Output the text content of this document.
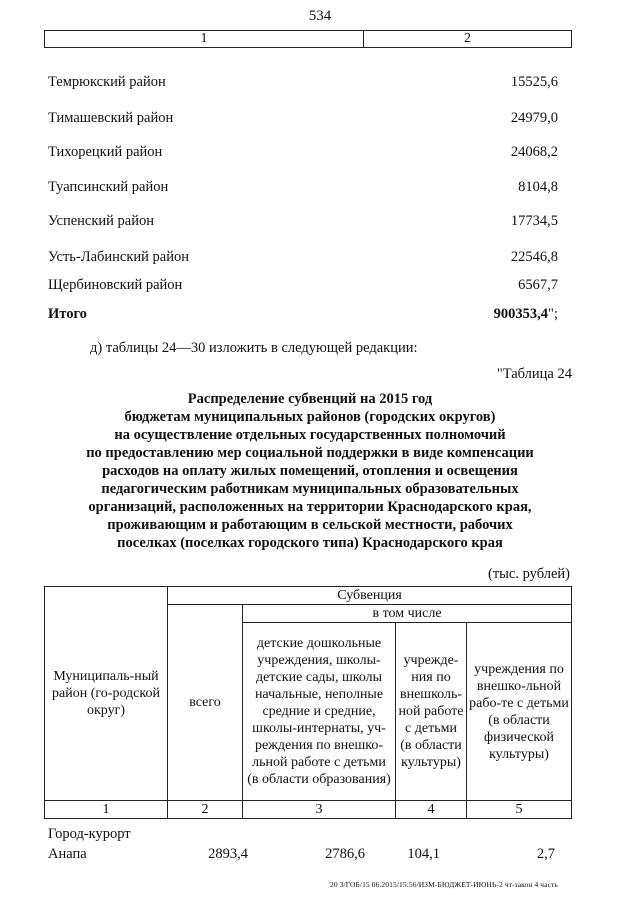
534
1	2
Темрюкский район	15525,6
Тимашевский район	24979,0
Тихорецкий район	24068,2
Туапсинский район	8104,8
Успенский район	17734,5
Усть-Лабинский район	22546,8
Щербиновский район	6567,7
Итого	900353,4";
д) таблицы 24—30 изложить в следующей редакции:
"Таблица 24
Распределение субвенций на 2015 год
бюджетам муниципальных районов (городских округов)
на осуществление отдельных государственных полномочий
по предоставлению мер социальной поддержки в виде компенсации
расходов на оплату жилых помещений, отопления и освещения
педагогическим работникам муниципальных образовательных
организаций, расположенных на территории Краснодарского края,
проживающим и работающим в сельской местности, рабочих
поселках (поселках городского типа) Краснодарского края
(тыс. рублей)
Муниципаль-ный район (го-родской округ)	Субвенция			
	всего	в том числе		
		детские дошкольные учреждения, школы-детские сады, школы начальные, неполные средние и средние, школы-интернаты, уч-реждения по внешко-льной работе с детьми (в области образования)	учрежде-ния по внешколь-ной работе с детьми (в области культуры)	учреждения по внешко-льной рабо-те с детьми (в области физической культуры)
1	2	3	4	5
Город-курорт
Анапа	2893,4	2786,6	104,1	2,7
20 3/ГОБ/15 06.2015/15:56/ИЗМ-БЮДЖЕТ-ИЮНЬ-2 чт-закон 4 часть
